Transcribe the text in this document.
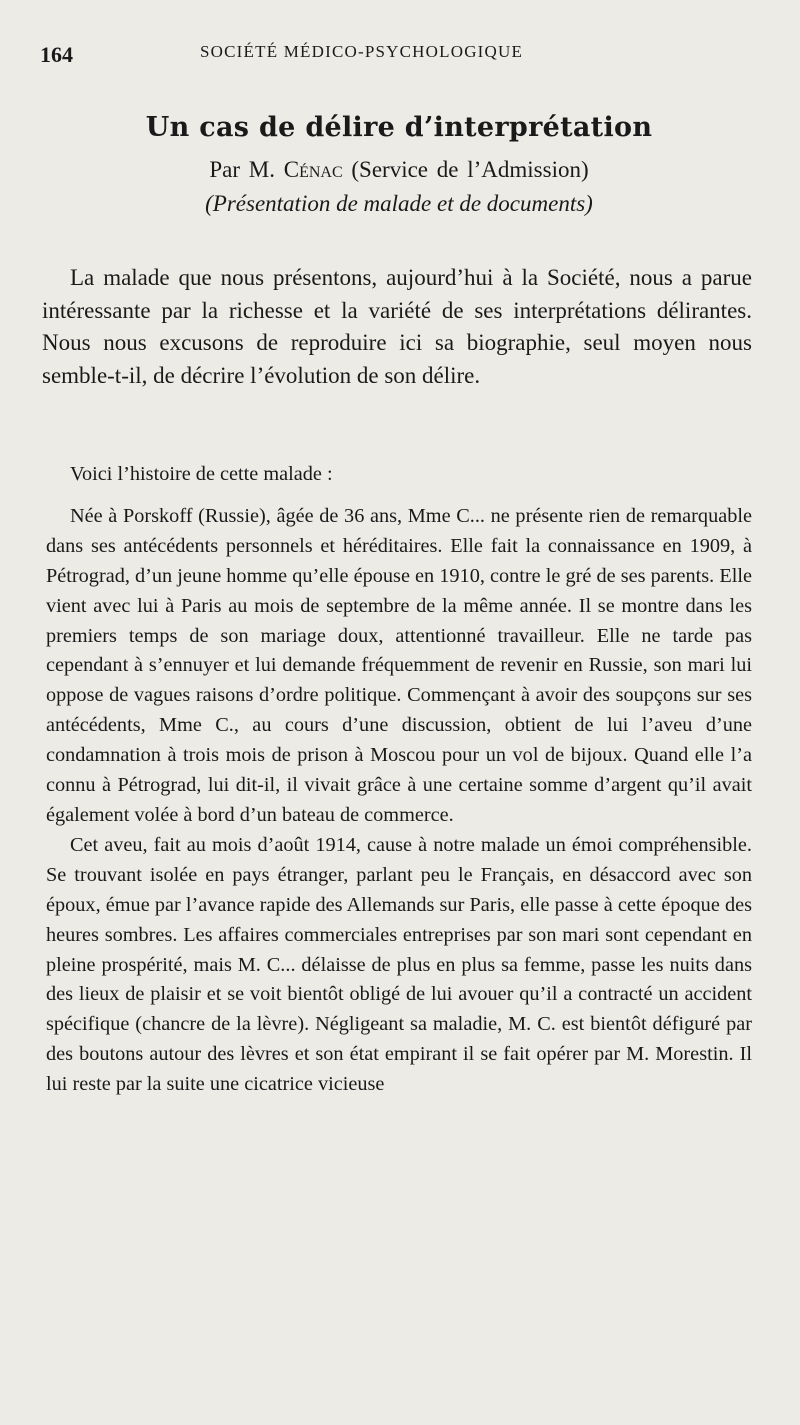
164	SOCIÉTÉ MÉDICO-PSYCHOLOGIQUE
Un cas de délire d’interprétation

Par M. Cénac (Service de l’Admission)

(Présentation de malade et de documents)

La malade que nous présentons, aujourd’hui à la Société, nous a parue intéressante par la richesse et la variété de ses interprétations délirantes. Nous nous excusons de reproduire ici sa biographie, seul moyen nous semble-t-il, de décrire l’évolution de son délire.

Voici l’histoire de cette malade :

Née à Porskoff (Russie), âgée de 36 ans, Mme C... ne présente rien de remarquable dans ses antécédents personnels et héréditaires. Elle fait la connaissance en 1909, à Pétrograd, d’un jeune homme qu’elle épouse en 1910, contre le gré de ses parents. Elle vient avec lui à Paris au mois de septembre de la même année. Il se montre dans les premiers temps de son mariage doux, attentionné travailleur. Elle ne tarde pas cependant à s’ennuyer et lui demande fréquemment de revenir en Russie, son mari lui oppose de vagues raisons d’ordre politique. Commençant à avoir des soupçons sur ses antécédents, Mme C., au cours d’une discussion, obtient de lui l’aveu d’une condamnation à trois mois de prison à Moscou pour un vol de bijoux. Quand elle l’a connu à Pétrograd, lui dit-il, il vivait grâce à une certaine somme d’argent qu’il avait également volée à bord d’un bateau de commerce.

Cet aveu, fait au mois d’août 1914, cause à notre malade un émoi compréhensible. Se trouvant isolée en pays étranger, parlant peu le Français, en désaccord avec son époux, émue par l’avance rapide des Allemands sur Paris, elle passe à cette époque des heures sombres. Les affaires commerciales entreprises par son mari sont cependant en pleine prospérité, mais M. C... délaisse de plus en plus sa femme, passe les nuits dans des lieux de plaisir et se voit bientôt obligé de lui avouer qu’il a contracté un accident spécifique (chancre de la lèvre). Négligeant sa maladie, M. C. est bientôt défiguré par des boutons autour des lèvres et son état empirant il se fait opérer par M. Morestin. Il lui reste par la suite une cicatrice vicieuse
